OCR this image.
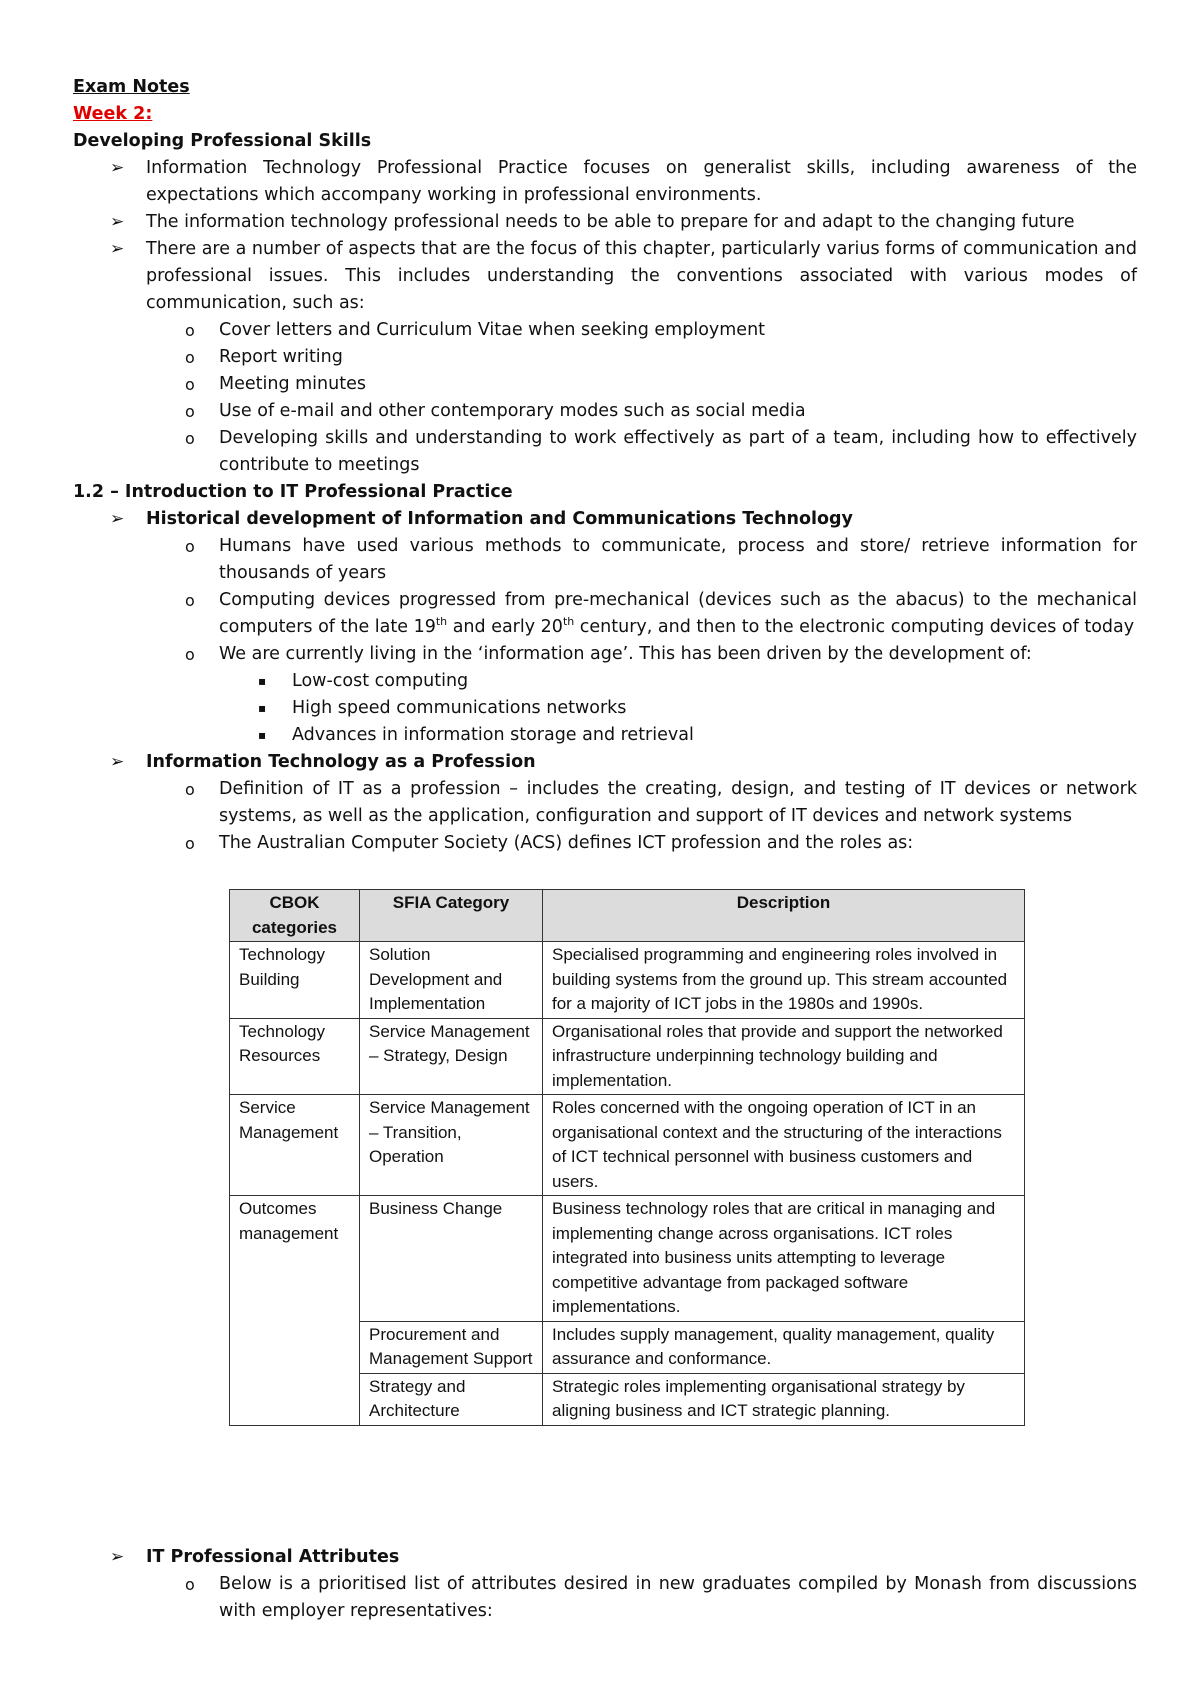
Exam Notes

Week 2:

Developing Professional Skills

➢ Information Technology Professional Practice focuses on generalist skills, including awareness of the expectations which accompany working in professional environments.
➢ The information technology professional needs to be able to prepare for and adapt to the changing future
➢ There are a number of aspects that are the focus of this chapter, particularly varius forms of communication and professional issues. This includes understanding the conventions associated with various modes of communication, such as:
o Cover letters and Curriculum Vitae when seeking employment
o Report writing
o Meeting minutes
o Use of e-mail and other contemporary modes such as social media
o Developing skills and understanding to work effectively as part of a team, including how to effectively contribute to meetings

1.2 – Introduction to IT Professional Practice

➢ Historical development of Information and Communications Technology
o Humans have used various methods to communicate, process and store/ retrieve information for thousands of years
o Computing devices progressed from pre-mechanical (devices such as the abacus) to the mechanical computers of the late 19th and early 20th century, and then to the electronic computing devices of today
o We are currently living in the ‘information age’. This has been driven by the development of:
▪ Low-cost computing
▪ High speed communications networks
▪ Advances in information storage and retrieval
➢ Information Technology as a Profession
o Definition of IT as a profession – includes the creating, design, and testing of IT devices or network systems, as well as the application, configuration and support of IT devices and network systems
o The Australian Computer Society (ACS) defines ICT profession and the roles as:
CBOK categories	SFIA Category	Description
Technology Building	Solution Development and Implementation	Specialised programming and engineering roles involved in building systems from the ground up. This stream accounted for a majority of ICT jobs in the 1980s and 1990s.
Technology Resources	Service Management – Strategy, Design	Organisational roles that provide and support the networked infrastructure underpinning technology building and implementation.
Service Management	Service Management – Transition, Operation	Roles concerned with the ongoing operation of ICT in an organisational context and the structuring of the interactions of ICT technical personnel with business customers and users.
Outcomes management	Business Change	Business technology roles that are critical in managing and implementing change across organisations. ICT roles integrated into business units attempting to leverage competitive advantage from packaged software implementations.
	Procurement and Management Support	Includes supply management, quality management, quality assurance and conformance.
	Strategy and Architecture	Strategic roles implementing organisational strategy by aligning business and ICT strategic planning.
➢ IT Professional Attributes
o Below is a prioritised list of attributes desired in new graduates compiled by Monash from discussions with employer representatives:
